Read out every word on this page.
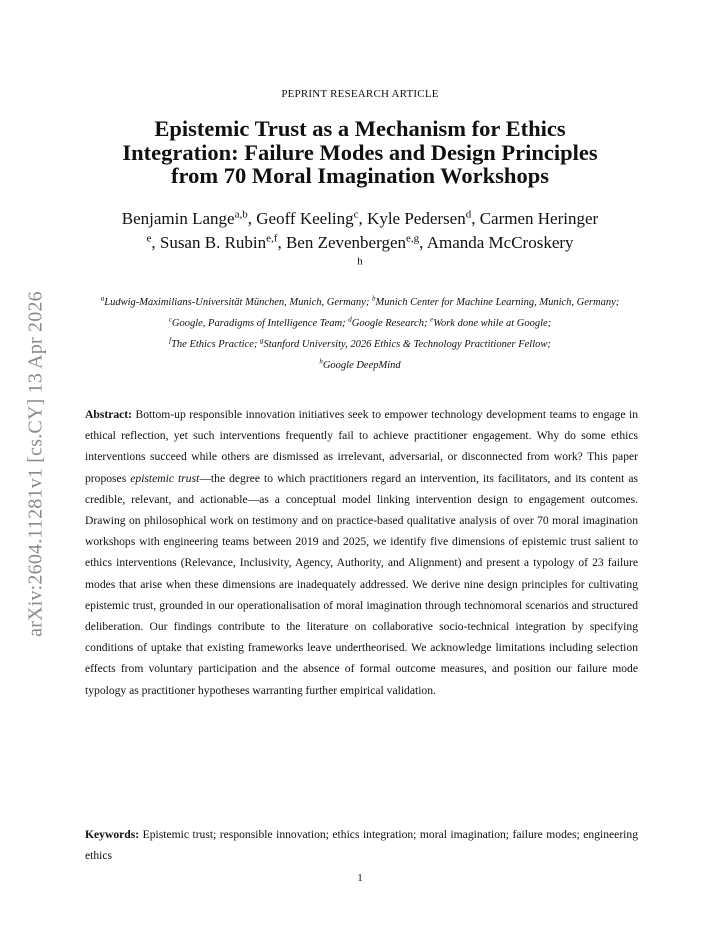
arXiv:2604.11281v1 [cs.CY] 13 Apr 2026
PEPRINT RESEARCH ARTICLE
Epistemic Trust as a Mechanism for Ethics
Integration: Failure Modes and Design Principles
from 70 Moral Imagination Workshops
Benjamin Lange$^{a,b}$, Geoff Keeling$^c$, Kyle Pedersen$^d$, Carmen Heringer
$^e$, Susan B. Rubin$^{e,f}$, Ben Zevenbergen$^{e,g}$, Amanda McCroskery
$^h$
$^a$Ludwig-Maximilians-Universität München, Munich, Germany; $^b$Munich Center for Machine Learning, Munich, Germany;
$^c$Google, Paradigms of Intelligence Team; $^d$Google Research; $^e$Work done while at Google;
$^f$The Ethics Practice; $^g$Stanford University, 2026 Ethics & Technology Practitioner Fellow;
$^h$Google DeepMind

Abstract: Bottom-up responsible innovation initiatives seek to empower technology development teams to engage in ethical reflection, yet such interventions frequently fail to achieve practitioner engagement. Why do some ethics interventions succeed while others are dismissed as irrelevant, adversarial, or disconnected from work? This paper proposes epistemic trust—the degree to which practitioners regard an intervention, its facilitators, and its content as credible, relevant, and actionable—as a conceptual model linking intervention design to engagement outcomes. Drawing on philosophical work on testimony and on practice-based qualitative analysis of over 70 moral imagination workshops with engineering teams between 2019 and 2025, we identify five dimensions of epistemic trust salient to ethics interventions (Relevance, Inclusivity, Agency, Authority, and Alignment) and present a typology of 23 failure modes that arise when these dimensions are inadequately addressed. We derive nine design principles for cultivating epistemic trust, grounded in our operationalisation of moral imagination through technomoral scenarios and structured deliberation. Our findings contribute to the literature on collaborative socio-technical integration by specifying conditions of uptake that existing frameworks leave undertheorised. We acknowledge limitations including selection effects from voluntary participation and the absence of formal outcome measures, and position our failure mode typology as practitioner hypotheses warranting further empirical validation.

Keywords: Epistemic trust; responsible innovation; ethics integration; moral imagination; failure modes; engineering ethics

1
